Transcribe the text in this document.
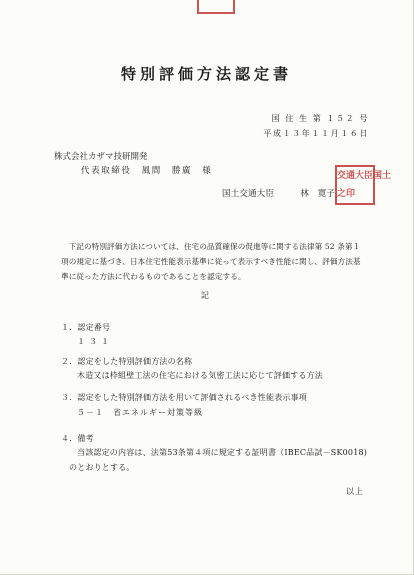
特別評価方法認定書
国 住 生 第 １５２ 号
平成１３年１１月１６日
株式会社カザマ技研開発
代表取締役　風間　勝廣　様
国土交通大臣　　　林　寛子
交通 大臣 国土
之印
下記の特別評価方法については、住宅の品質確保の促進等に関する法律第 52 条第１項の規定に基づき、日本住宅性能表示基準に従って表示すべき性能に関し、評価方法基準に従った方法に代わるものであることを認定する。
記
１．認定番号
１３１
２．認定をした特別評価方法の名称
木造又は枠組壁工法の住宅における気密工法に応じて評価する方法
３．認定をした特別評価方法を用いて評価されるべき性能表示事項
５－１　省エネルギー対策等級
４．備考
当該認定の内容は、法第53条第４項に規定する証明書（IBEC品試－SK0018)
のとおりとする。
以上
